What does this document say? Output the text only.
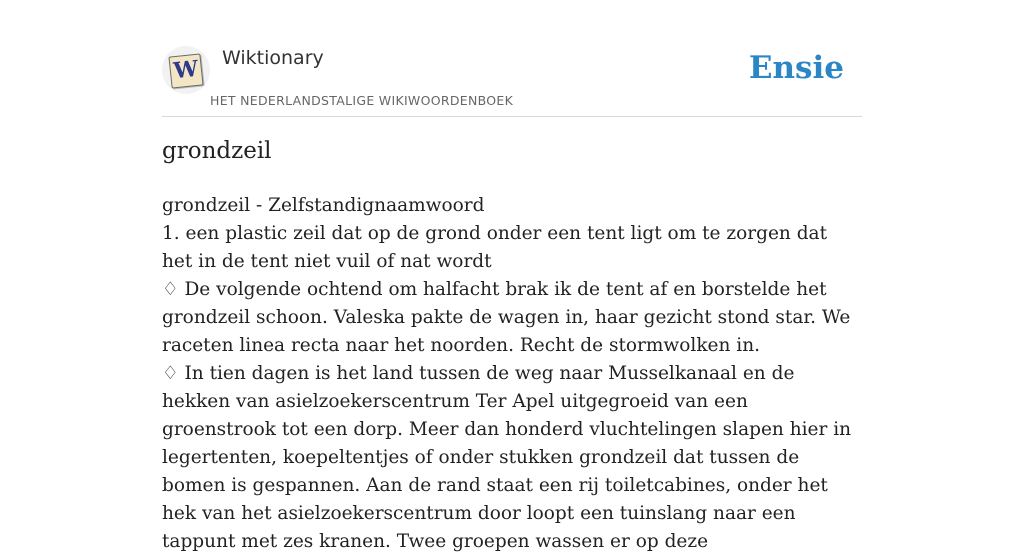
W Wiktionary
HET NEDERLANDSTALIGE WIKIWOORDENBOEK
Ensie
grondzeil

grondzeil - Zelfstandignaamwoord

1. een plastic zeil dat op de grond onder een tent ligt om te zorgen dat het in de tent niet vuil of nat wordt

♢ De volgende ochtend om halfacht brak ik de tent af en borstelde het grondzeil schoon. Valeska pakte de wagen in, haar gezicht stond star. We raceten linea recta naar het noorden. Recht de stormwolken in.

♢ In tien dagen is het land tussen de weg naar Musselkanaal en de hekken van asielzoekerscentrum Ter Apel uitgegroeid van een groenstrook tot een dorp. Meer dan honderd vluchtelingen slapen hier in legertenten, koepeltentjes of onder stukken grondzeil dat tussen de bomen is gespannen. Aan de rand staat een rij toiletcabines, onder het hek van het asielzoekerscentrum door loopt een tuinslang naar een tappunt met zes kranen. Twee groepen wassen er op deze
